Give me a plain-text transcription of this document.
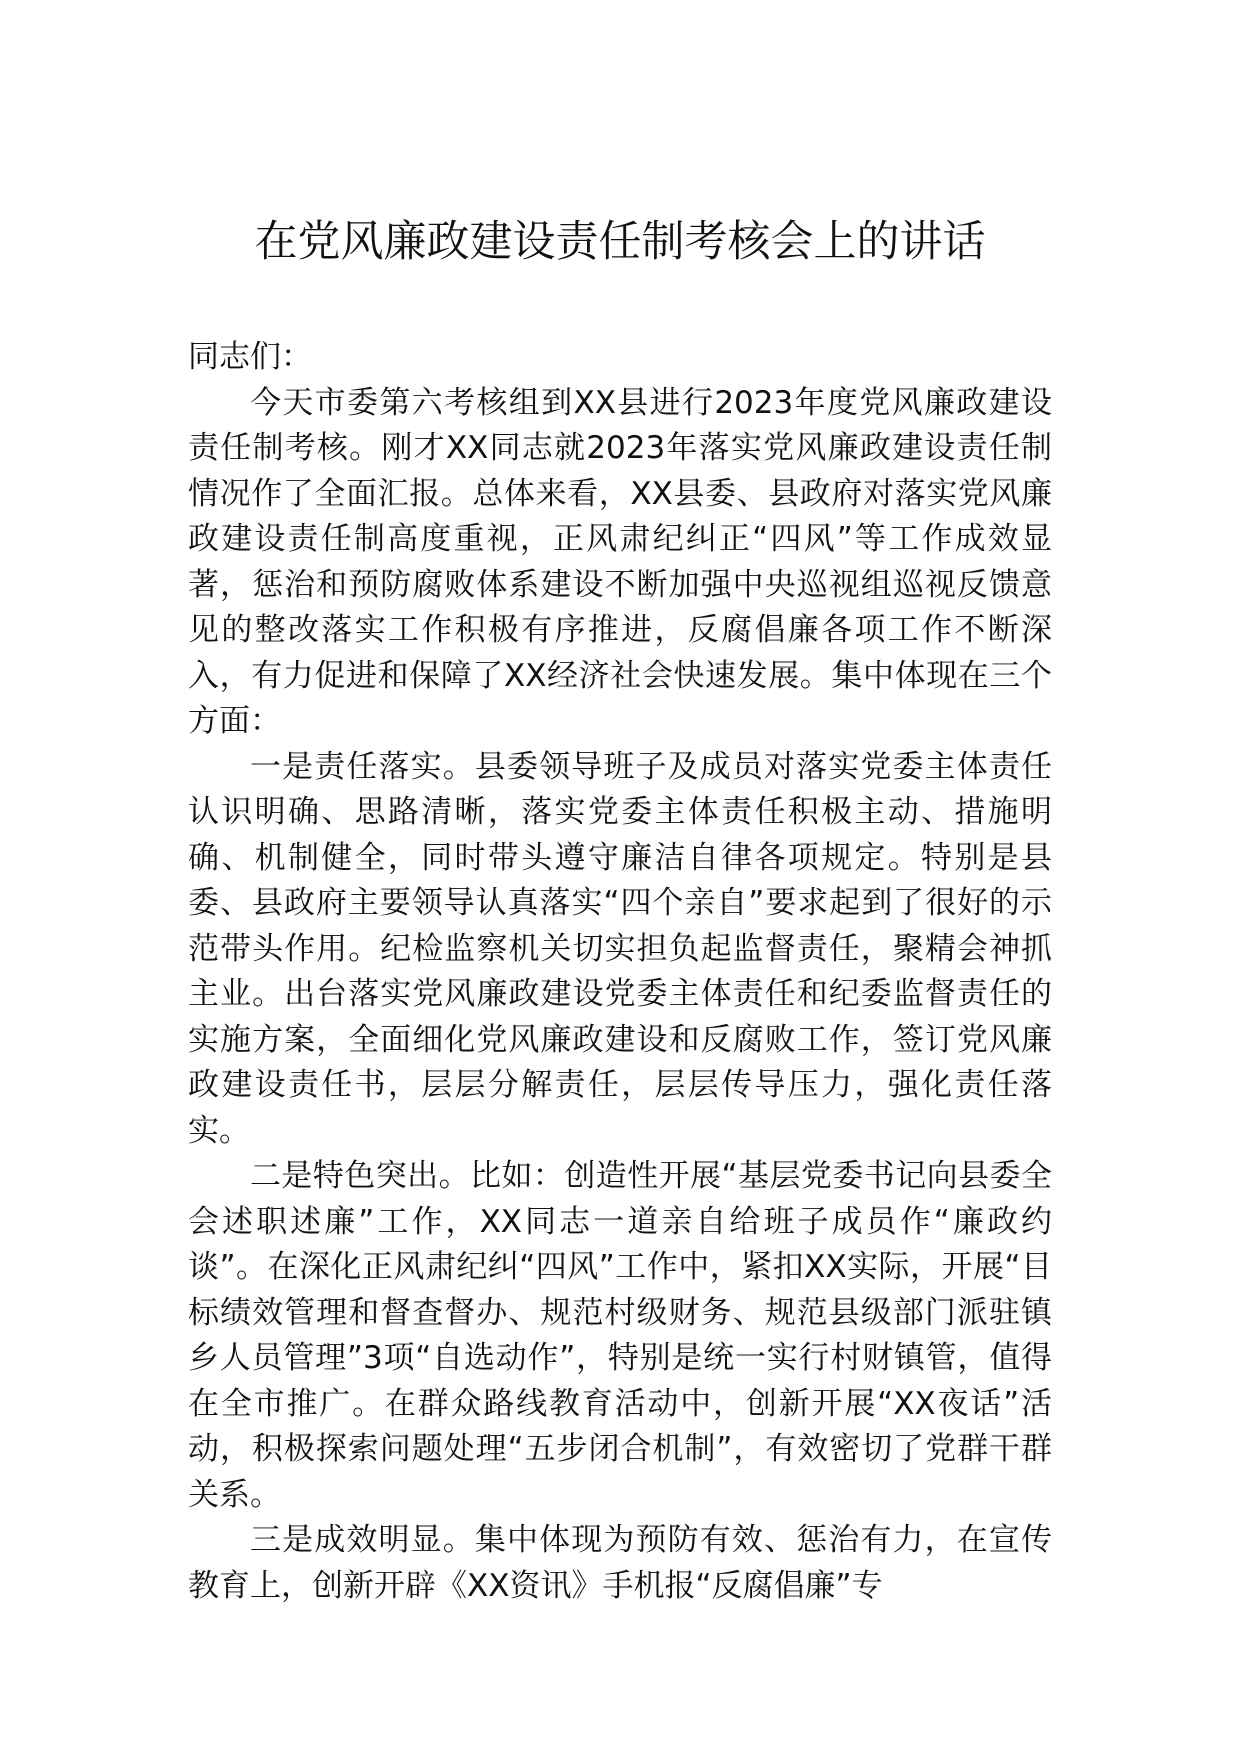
在党风廉政建设责任制考核会上的讲话

同志们：

今天市委第六考核组到XX县进行2023年度党风廉政建设责任制考核。刚才XX同志就2023年落实党风廉政建设责任制情况作了全面汇报。总体来看，XX县委、县政府对落实党风廉政建设责任制高度重视，正风肃纪纠正“四风”等工作成效显著，惩治和预防腐败体系建设不断加强中央巡视组巡视反馈意见的整改落实工作积极有序推进，反腐倡廉各项工作不断深入，有力促进和保障了XX经济社会快速发展。集中体现在三个方面：

一是责任落实。县委领导班子及成员对落实党委主体责任认识明确、思路清晰，落实党委主体责任积极主动、措施明确、机制健全，同时带头遵守廉洁自律各项规定。特别是县委、县政府主要领导认真落实“四个亲自”要求起到了很好的示范带头作用。纪检监察机关切实担负起监督责任，聚精会神抓主业。出台落实党风廉政建设党委主体责任和纪委监督责任的实施方案，全面细化党风廉政建设和反腐败工作，签订党风廉政建设责任书，层层分解责任，层层传导压力，强化责任落实。

二是特色突出。比如：创造性开展“基层党委书记向县委全会述职述廉”工作，XX同志一道亲自给班子成员作“廉政约谈”。在深化正风肃纪纠“四风”工作中，紧扣XX实际，开展“目标绩效管理和督查督办、规范村级财务、规范县级部门派驻镇乡人员管理”3项“自选动作”，特别是统一实行村财镇管，值得在全市推广。在群众路线教育活动中，创新开展“XX夜话”活动，积极探索问题处理“五步闭合机制”，有效密切了党群干群关系。

三是成效明显。集中体现为预防有效、惩治有力，在宣传教育上，创新开辟《XX资讯》手机报“反腐倡廉”专
